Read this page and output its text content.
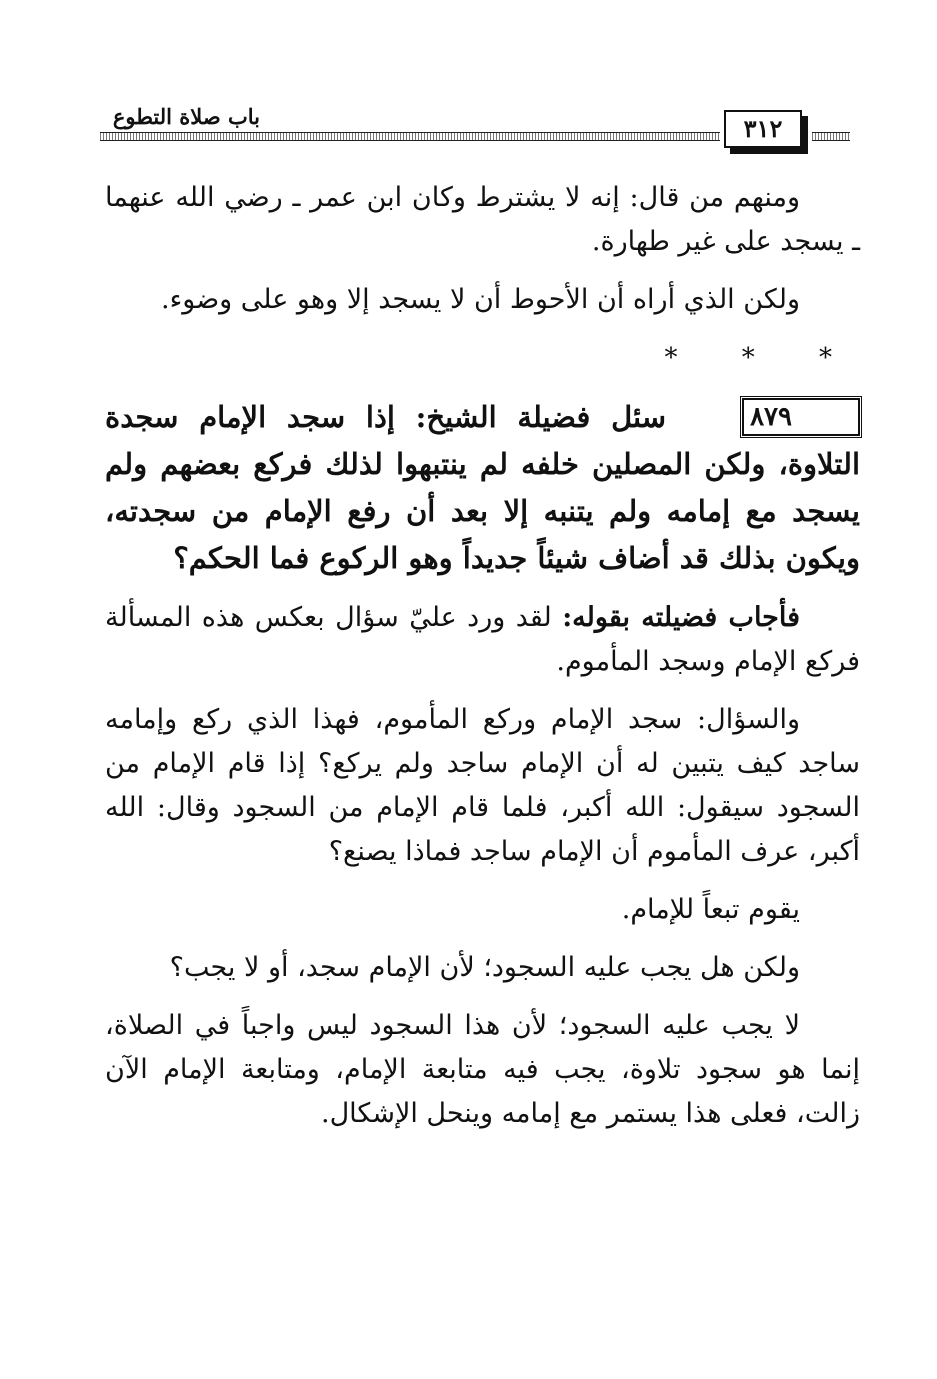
باب صلاة التطوع	٣١٢

ومنهم من قال: إنه لا يشترط وكان ابن عمر ـ رضي الله عنهما ـ يسجد على غير طهارة.

ولكن الذي أراه أن الأحوط أن لا يسجد إلا وهو على وضوء.

* * *
٨٧٩
سئل فضيلة الشيخ: إذا سجد الإمام سجدة التلاوة، ولكن المصلين خلفه لم ينتبهوا لذلك فركع بعضهم ولم يسجد مع إمامه ولم يتنبه إلا بعد أن رفع الإمام من سجدته، ويكون بذلك قد أضاف شيئاً جديداً وهو الركوع فما الحكم؟

فأجاب فضيلته بقوله: لقد ورد عليّ سؤال بعكس هذه المسألة فركع الإمام وسجد المأموم.

والسؤال: سجد الإمام وركع المأموم، فهذا الذي ركع وإمامه ساجد كيف يتبين له أن الإمام ساجد ولم يركع؟ إذا قام الإمام من السجود سيقول: الله أكبر، فلما قام الإمام من السجود وقال: الله أكبر، عرف المأموم أن الإمام ساجد فماذا يصنع؟

يقوم تبعاً للإمام.

ولكن هل يجب عليه السجود؛ لأن الإمام سجد، أو لا يجب؟

لا يجب عليه السجود؛ لأن هذا السجود ليس واجباً في الصلاة، إنما هو سجود تلاوة، يجب فيه متابعة الإمام، ومتابعة الإمام الآن زالت، فعلى هذا يستمر مع إمامه وينحل الإشكال.
